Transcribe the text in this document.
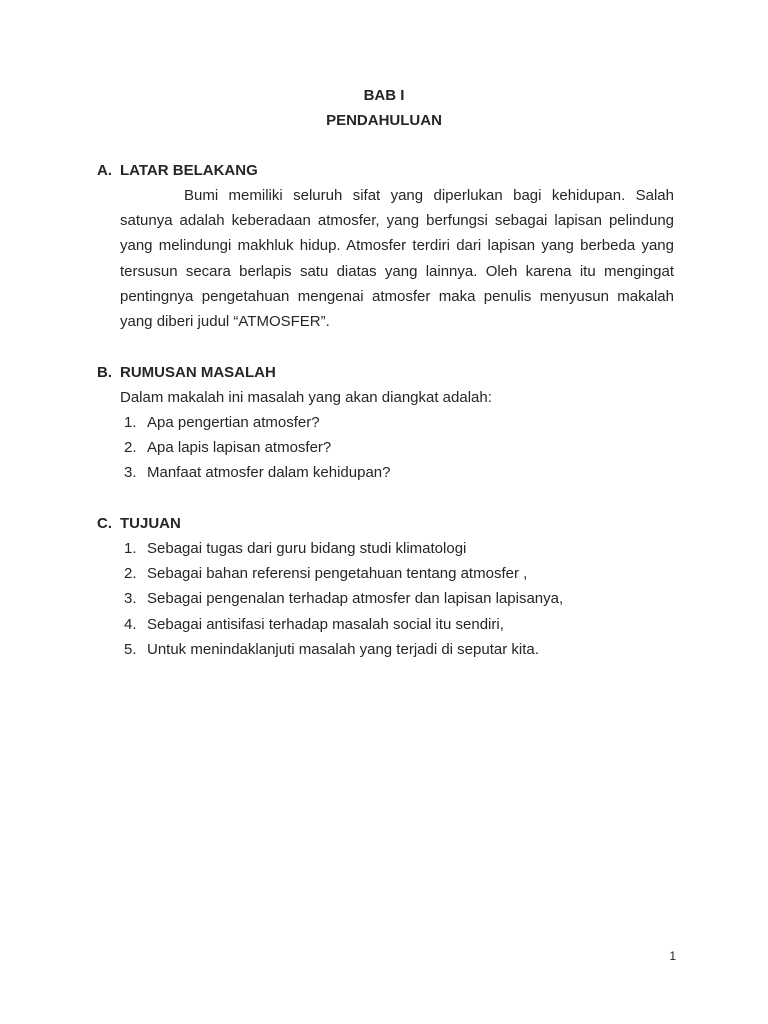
BAB I
PENDAHULUAN
A. LATAR BELAKANG
Bumi memiliki seluruh sifat yang diperlukan bagi kehidupan. Salah satunya adalah keberadaan atmosfer, yang berfungsi sebagai lapisan pelindung yang melindungi makhluk hidup. Atmosfer terdiri dari lapisan yang berbeda yang tersusun secara berlapis satu diatas yang lainnya. Oleh karena itu mengingat pentingnya pengetahuan mengenai atmosfer maka penulis menyusun makalah yang diberi judul “ATMOSFER”.
B. RUMUSAN MASALAH
Dalam makalah ini masalah yang akan diangkat adalah:
1. Apa pengertian atmosfer?
2. Apa lapis lapisan atmosfer?
3. Manfaat atmosfer dalam kehidupan?
C. TUJUAN
1. Sebagai tugas dari guru bidang studi klimatologi
2. Sebagai bahan referensi pengetahuan tentang atmosfer ,
3. Sebagai pengenalan terhadap atmosfer dan lapisan lapisanya,
4. Sebagai antisifasi terhadap masalah social itu sendiri,
5. Untuk menindaklanjuti masalah yang terjadi di seputar kita.
1
